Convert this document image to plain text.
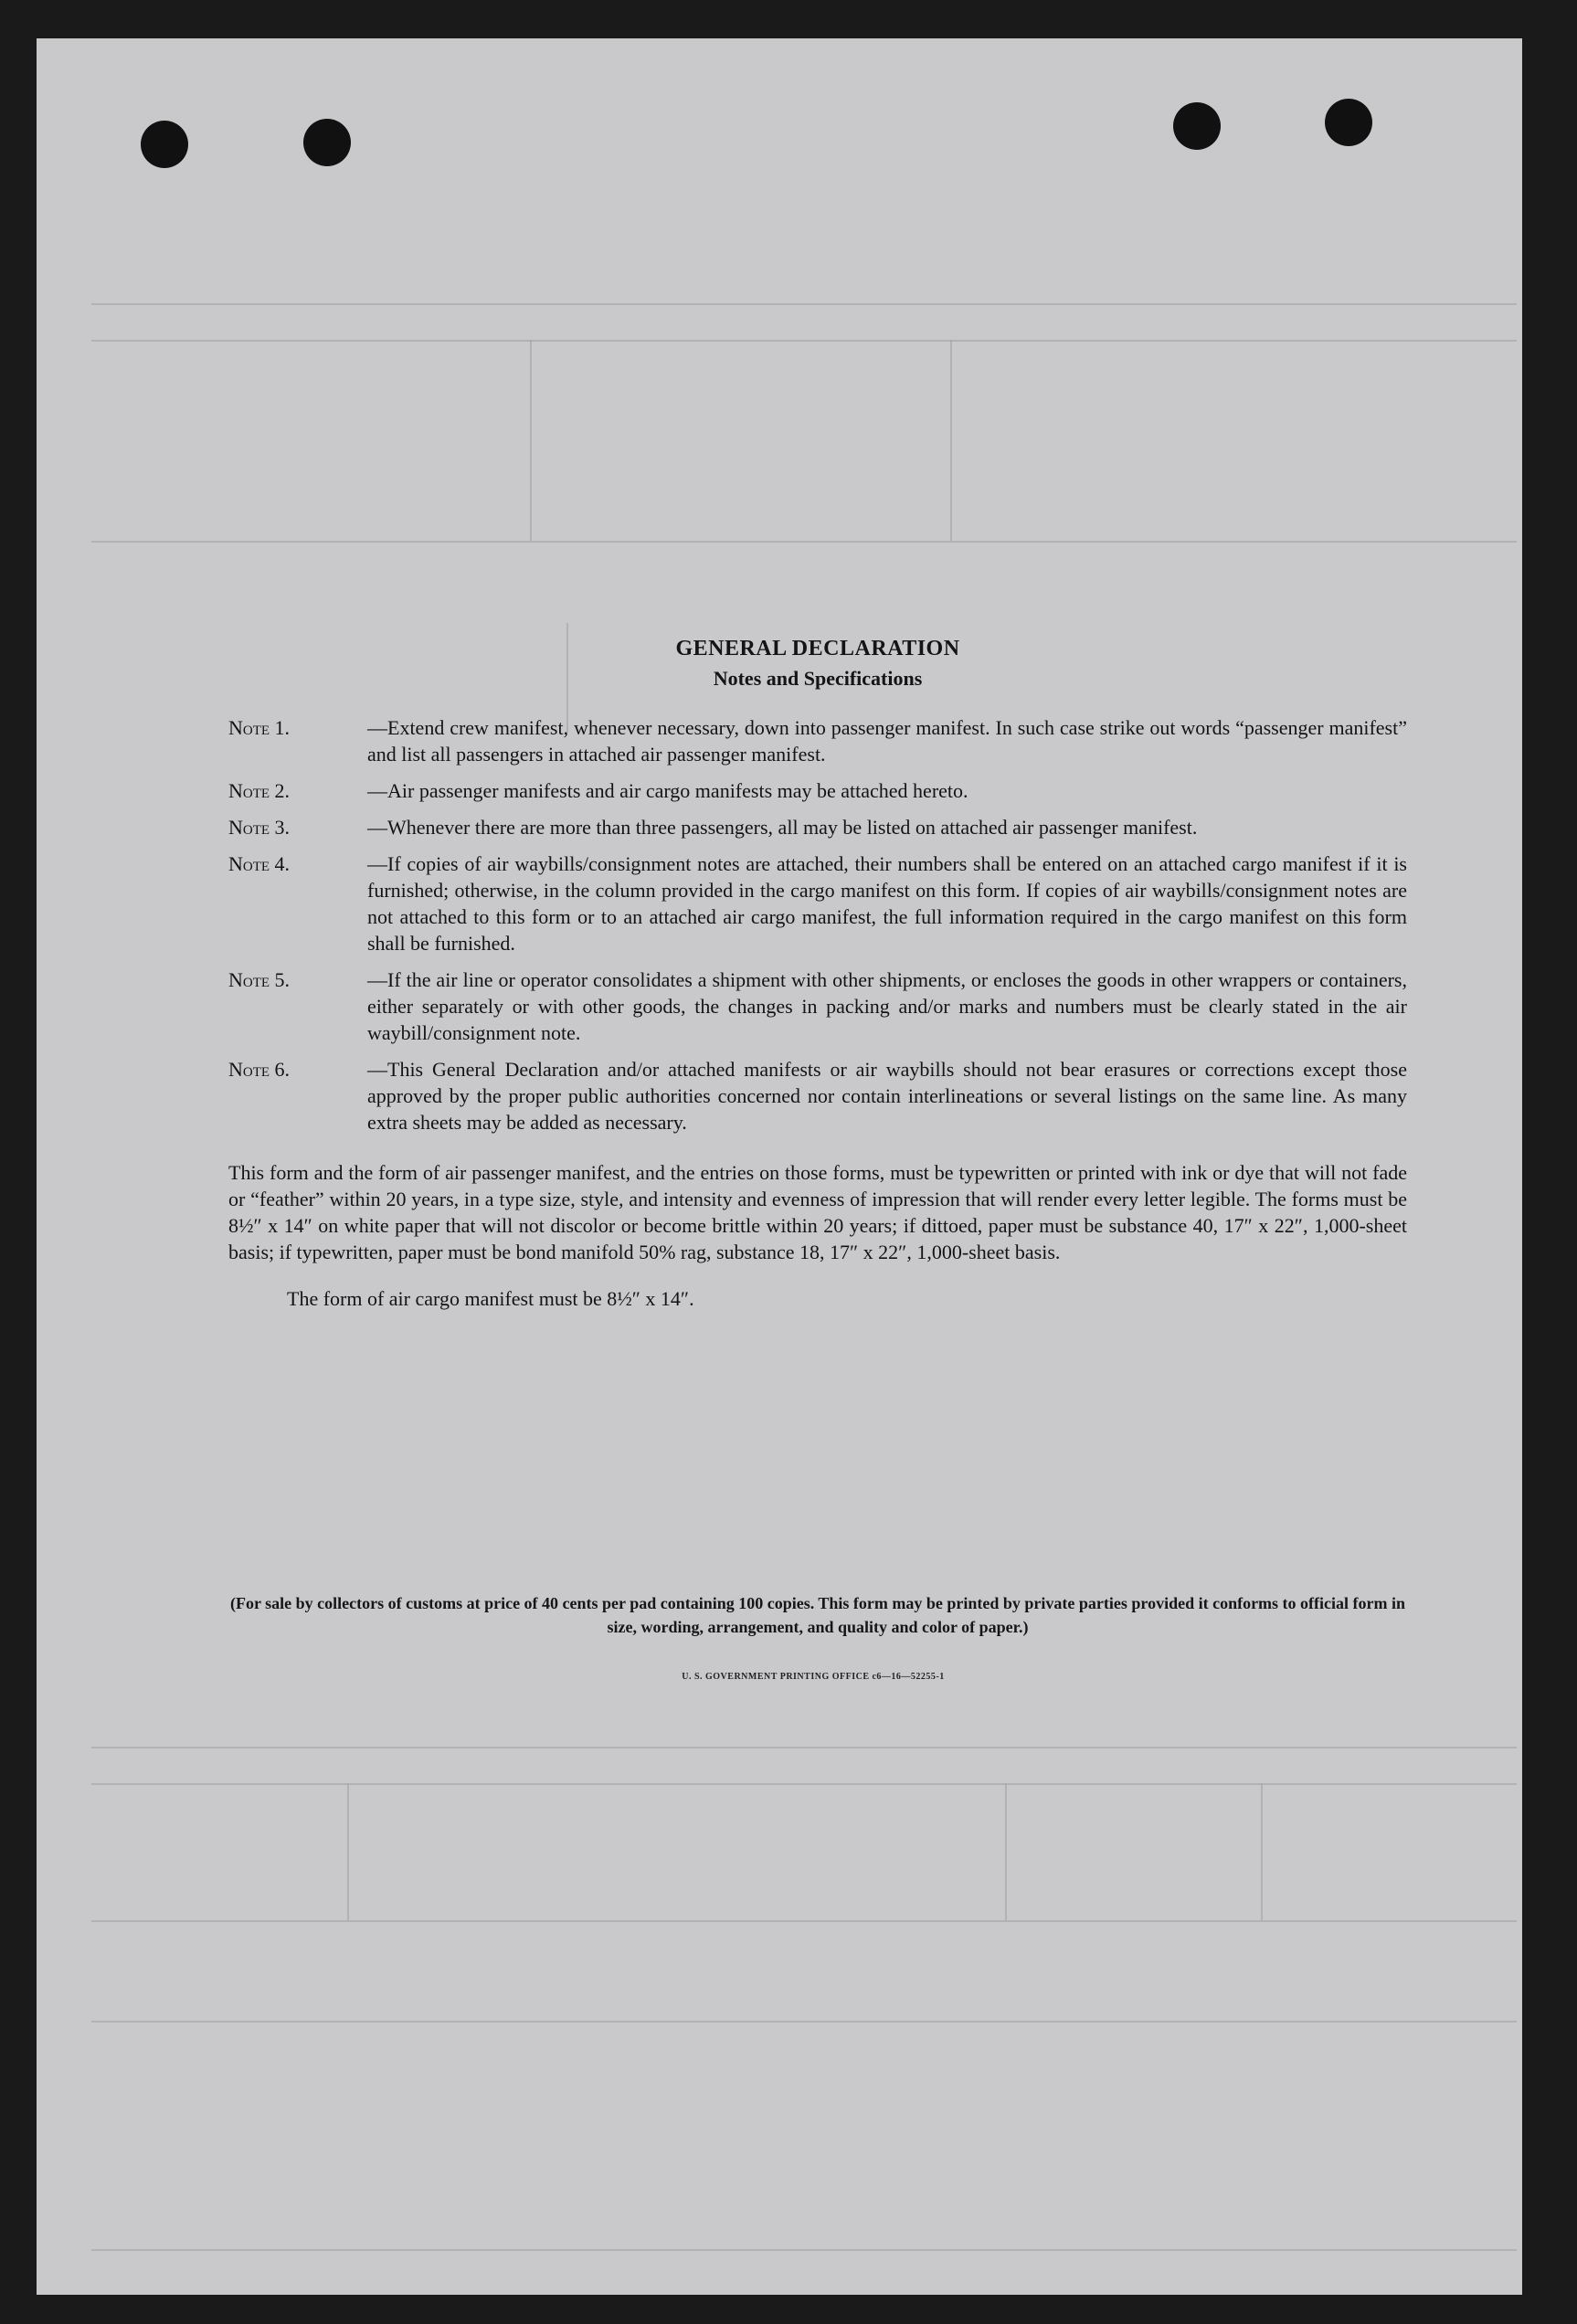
GENERAL DECLARATION

Notes and Specifications

Note 1.	—Extend crew manifest, whenever necessary, down into passenger manifest. In such case strike out words “passenger manifest” and list all passengers in attached air passenger manifest.
Note 2.	—Air passenger manifests and air cargo manifests may be attached hereto.
Note 3.	—Whenever there are more than three passengers, all may be listed on attached air passenger manifest.
Note 4.	—If copies of air waybills/consignment notes are attached, their numbers shall be entered on an attached cargo manifest if it is furnished; otherwise, in the column provided in the cargo manifest on this form. If copies of air waybills/consignment notes are not attached to this form or to an attached air cargo manifest, the full information required in the cargo manifest on this form shall be furnished.
Note 5.	—If the air line or operator consolidates a shipment with other shipments, or encloses the goods in other wrappers or containers, either separately or with other goods, the changes in packing and/or marks and numbers must be clearly stated in the air waybill/consignment note.
Note 6.	—This General Declaration and/or attached manifests or air waybills should not bear erasures or corrections except those approved by the proper public authorities concerned nor contain interlineations or several listings on the same line. As many extra sheets may be added as necessary.

This form and the form of air passenger manifest, and the entries on those forms, must be typewritten or printed with ink or dye that will not fade or “feather” within 20 years, in a type size, style, and intensity and evenness of impression that will render every letter legible. The forms must be 8½″ x 14″ on white paper that will not discolor or become brittle within 20 years; if dittoed, paper must be substance 40, 17″ x 22″, 1,000-sheet basis; if typewritten, paper must be bond manifold 50% rag, substance 18, 17″ x 22″, 1,000-sheet basis.

The form of air cargo manifest must be 8½″ x 14″.

(For sale by collectors of customs at price of 40 cents per pad containing 100 copies. This form may be printed by private parties provided it conforms to official form in size, wording, arrangement, and quality and color of paper.)
U. S. GOVERNMENT PRINTING OFFICE c6—16—52255-1
